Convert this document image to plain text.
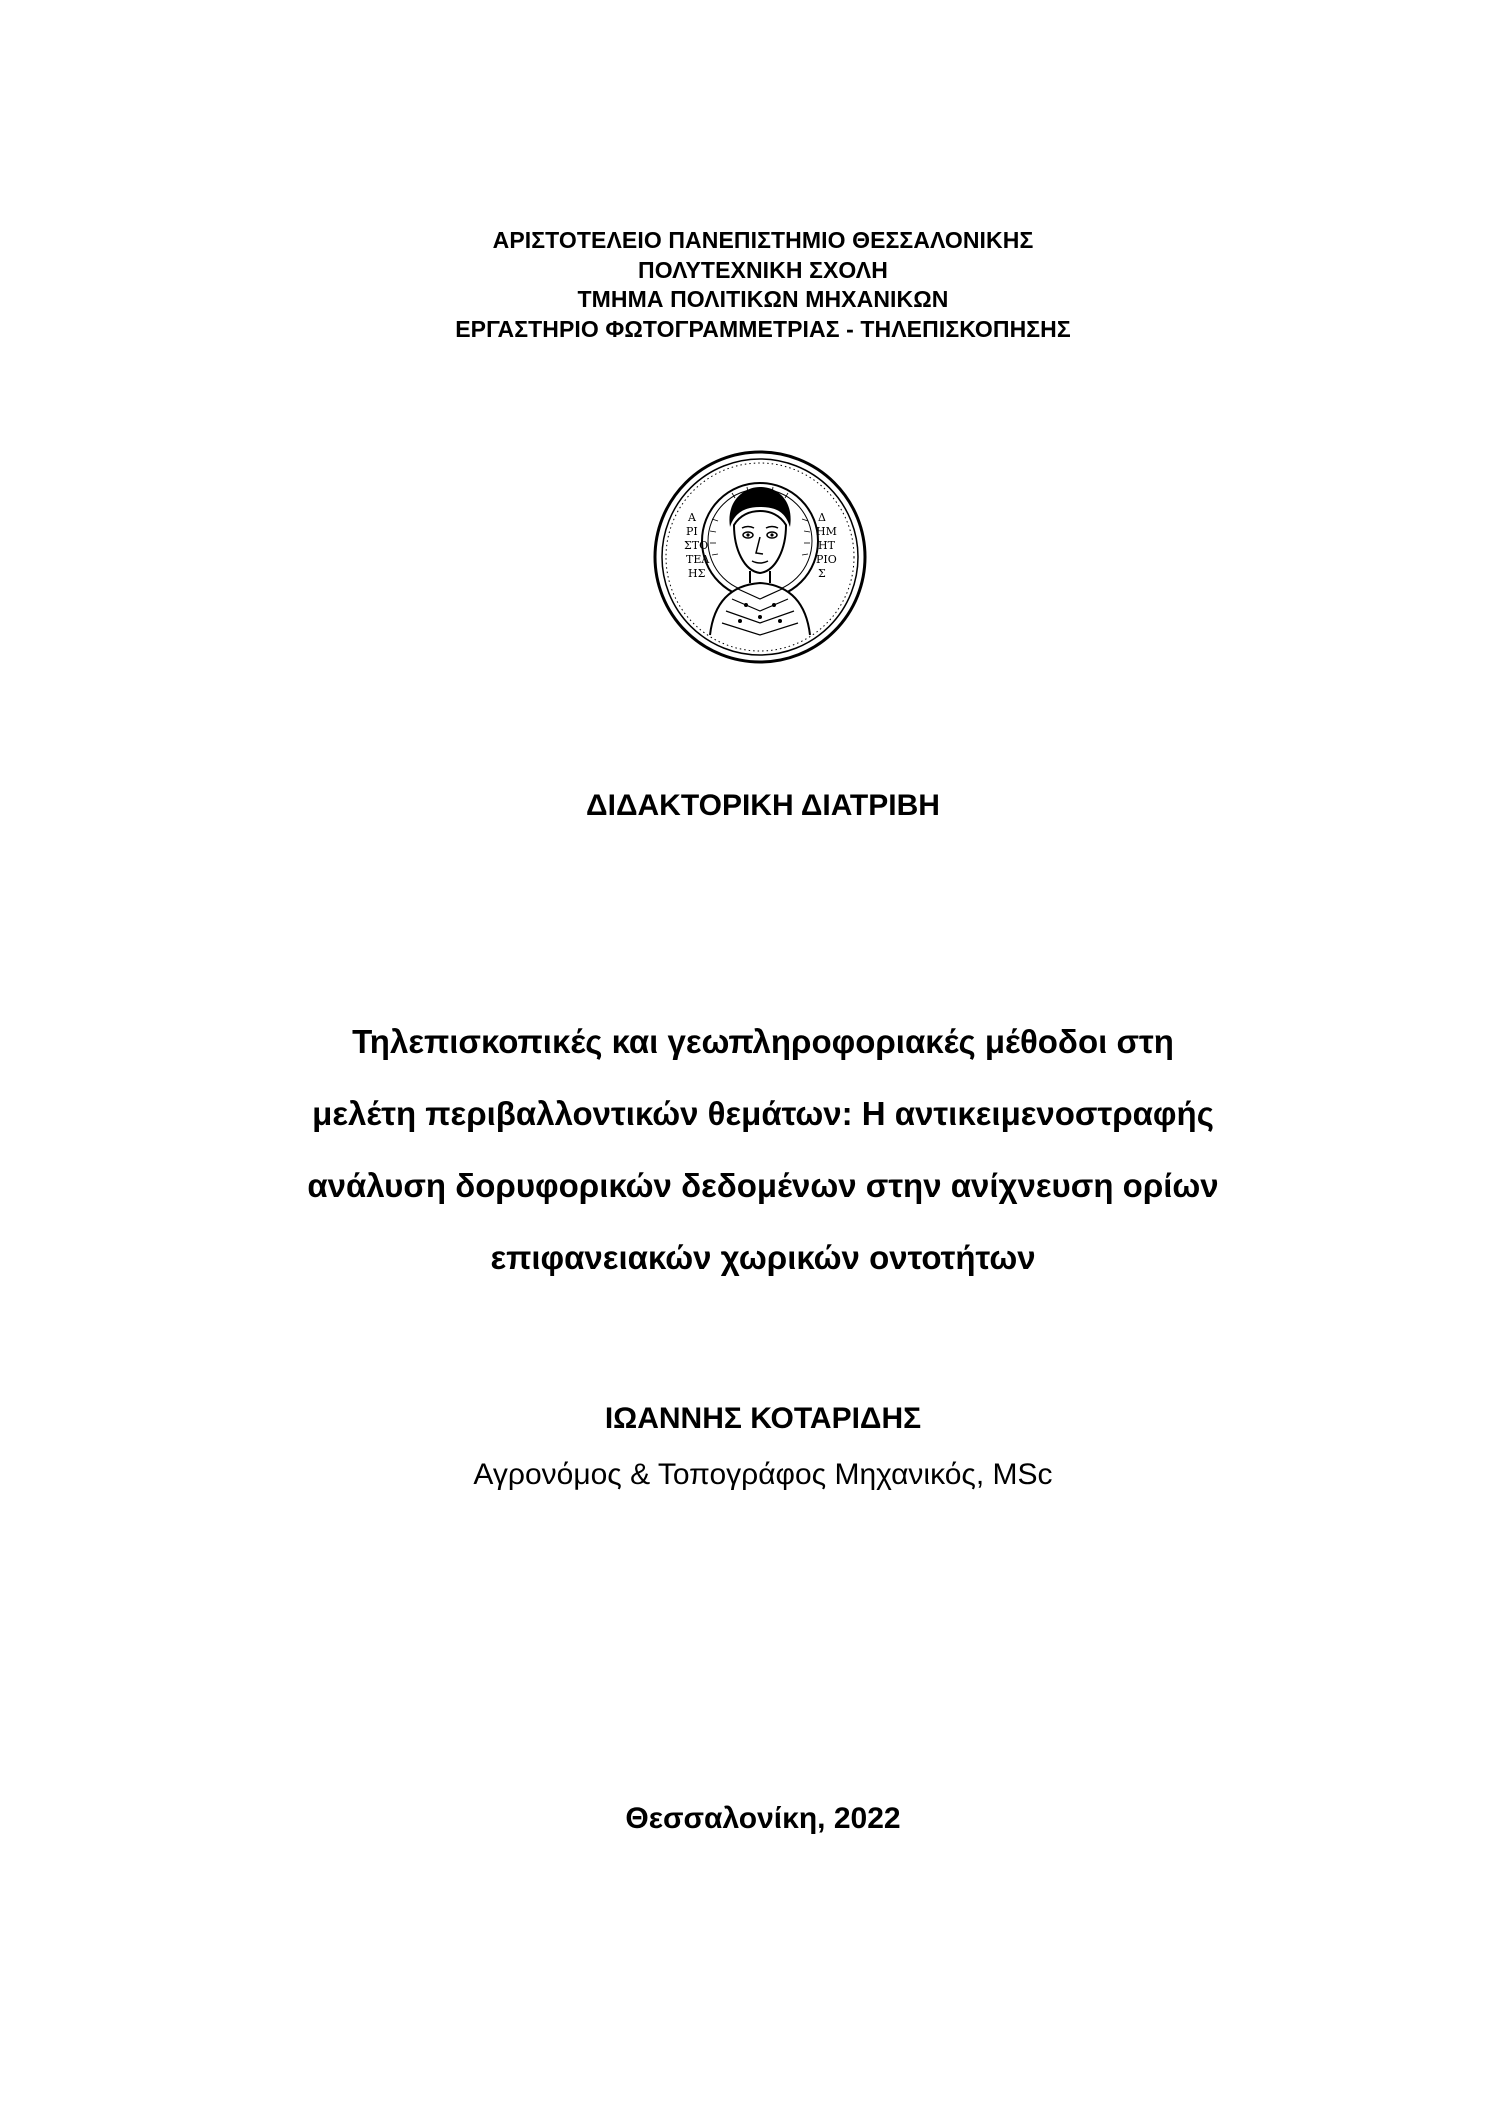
ΑΡΙΣΤΟΤΕΛΕΙΟ ΠΑΝΕΠΙΣΤΗΜΙΟ ΘΕΣΣΑΛΟΝΙΚΗΣ
ΠΟΛΥΤΕΧΝΙΚΗ ΣΧΟΛΗ
ΤΜΗΜΑ ΠΟΛΙΤΙΚΩΝ ΜΗΧΑΝΙΚΩΝ
ΕΡΓΑΣΤΗΡΙΟ ΦΩΤΟΓΡΑΜΜΕΤΡΙΑΣ - ΤΗΛΕΠΙΣΚΟΠΗΣΗΣ
Α
ΡΙ
ΣΤΟ
ΤΕΛ
ΗΣ
Δ
ΗΜ
ΗΤ
ΡΙΟ
Σ
ΔΙΔΑΚΤΟΡΙΚΗ ΔΙΑΤΡΙΒΗ
Τηλεπισκοπικές και γεωπληροφοριακές μέθοδοι στη
μελέτη περιβαλλοντικών θεμάτων: Η αντικειμενοστραφής
ανάλυση δορυφορικών δεδομένων στην ανίχνευση ορίων
επιφανειακών χωρικών οντοτήτων
ΙΩΑΝΝΗΣ ΚΟΤΑΡΙΔΗΣ
Αγρονόμος & Τοπογράφος Μηχανικός, MSc
Θεσσαλονίκη, 2022
